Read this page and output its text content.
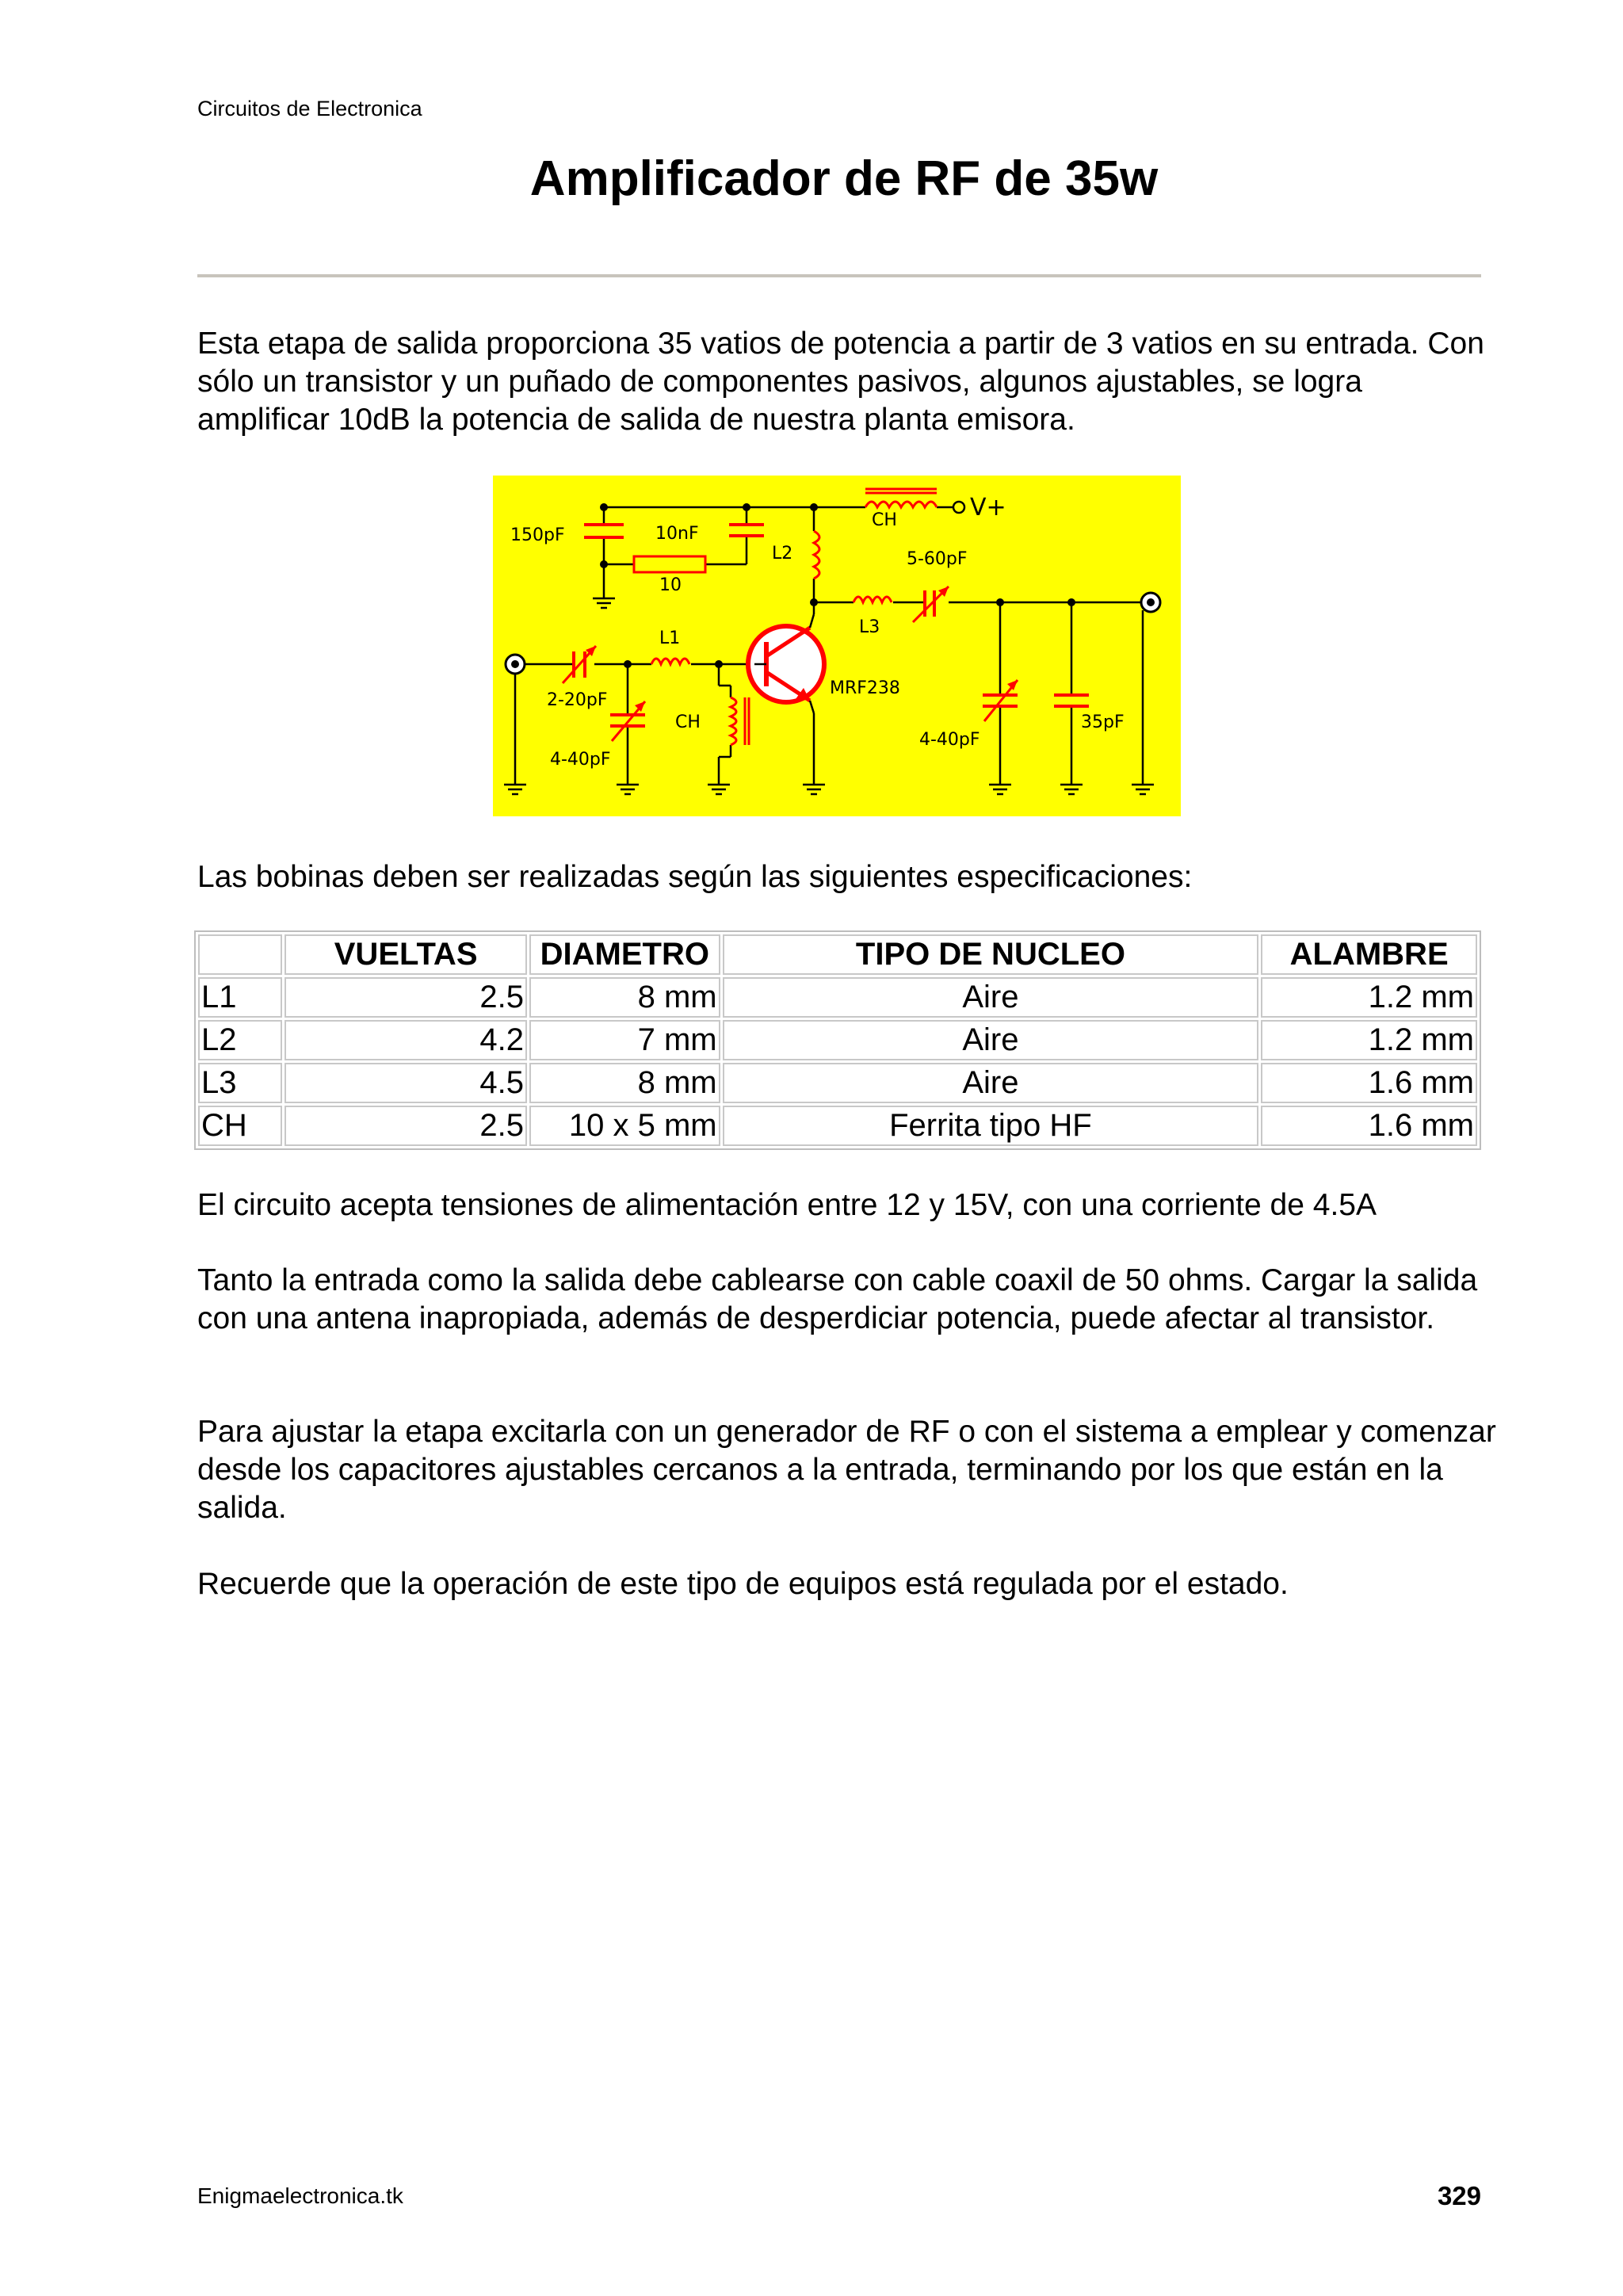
Circuitos de Electronica
Amplificador de RF de 35w
Esta etapa de salida proporciona 35 vatios de potencia a partir de 3 vatios en su entrada. Con sólo un transistor y un puñado de componentes pasivos, algunos ajustables, se logra amplificar 10dB la potencia de salida de nuestra planta emisora.
150pF	10nF
10
L2
CH	V+
5-60pF
L3
L1
2-20pF
4-40pF
CH
MRF238
4-40pF
35pF
Las bobinas deben ser realizadas según las siguientes especificaciones:
	VUELTAS	DIAMETRO	TIPO DE NUCLEO	ALAMBRE
L1	2.5	8 mm	Aire	1.2 mm
L2	4.2	7 mm	Aire	1.2 mm
L3	4.5	8 mm	Aire	1.6 mm
CH	2.5	10 x 5 mm	Ferrita tipo HF	1.6 mm
El circuito acepta tensiones de alimentación entre 12 y 15V, con una corriente de 4.5A
Tanto la entrada como la salida debe cablearse con cable coaxil de 50 ohms. Cargar la salida con una antena inapropiada, además de desperdiciar potencia, puede afectar al transistor.
Para ajustar la etapa excitarla con un generador de RF o con el sistema a emplear y comenzar desde los capacitores ajustables cercanos a la entrada, terminando por los que están en la salida.
Recuerde que la operación de este tipo de equipos está regulada por el estado.
Enigmaelectronica.tk	329
